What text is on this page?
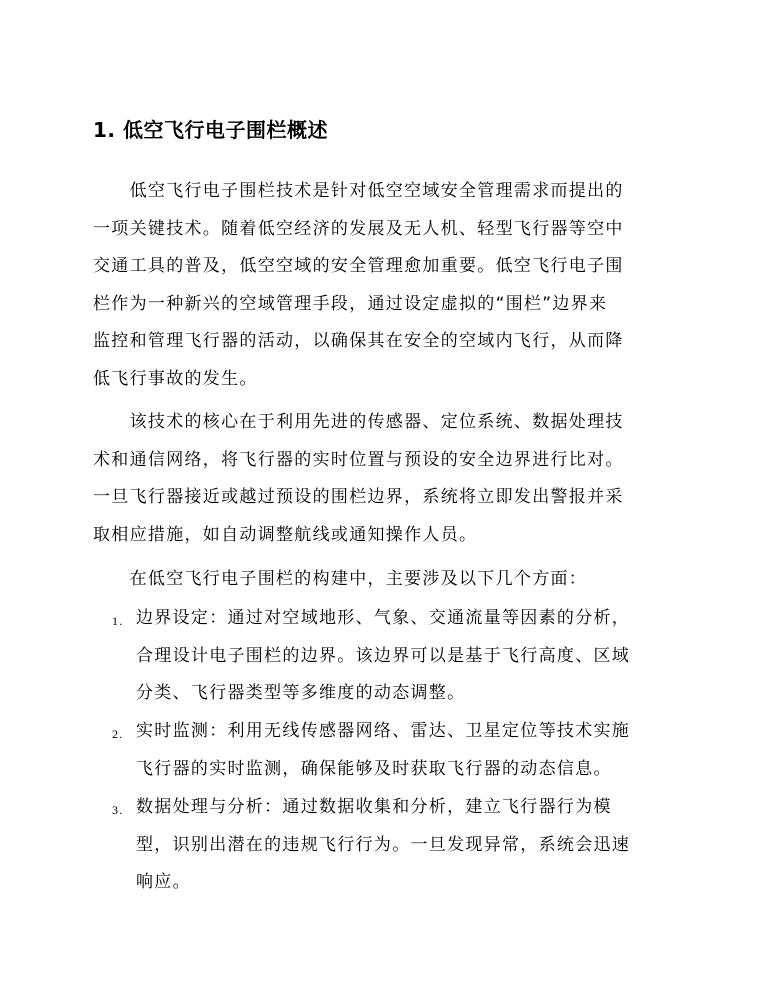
1. 低空飞行电子围栏概述
　　低空飞行电子围栏技术是针对低空空域安全管理需求而提出的
一项关键技术。随着低空经济的发展及无人机、轻型飞行器等空中
交通工具的普及，低空空域的安全管理愈加重要。低空飞行电子围
栏作为一种新兴的空域管理手段，通过设定虚拟的“围栏”边界来
监控和管理飞行器的活动，以确保其在安全的空域内飞行，从而降
低飞行事故的发生。
　　该技术的核心在于利用先进的传感器、定位系统、数据处理技
术和通信网络，将飞行器的实时位置与预设的安全边界进行比对。
一旦飞行器接近或越过预设的围栏边界，系统将立即发出警报并采
取相应措施，如自动调整航线或通知操作人员。
　　在低空飞行电子围栏的构建中，主要涉及以下几个方面：
1. 边界设定：通过对空域地形、气象、交通流量等因素的分析，
合理设计电子围栏的边界。该边界可以是基于飞行高度、区域
分类、飞行器类型等多维度的动态调整。
2. 实时监测：利用无线传感器网络、雷达、卫星定位等技术实施
飞行器的实时监测，确保能够及时获取飞行器的动态信息。
3. 数据处理与分析：通过数据收集和分析，建立飞行器行为模
型，识别出潜在的违规飞行行为。一旦发现异常，系统会迅速
响应。
